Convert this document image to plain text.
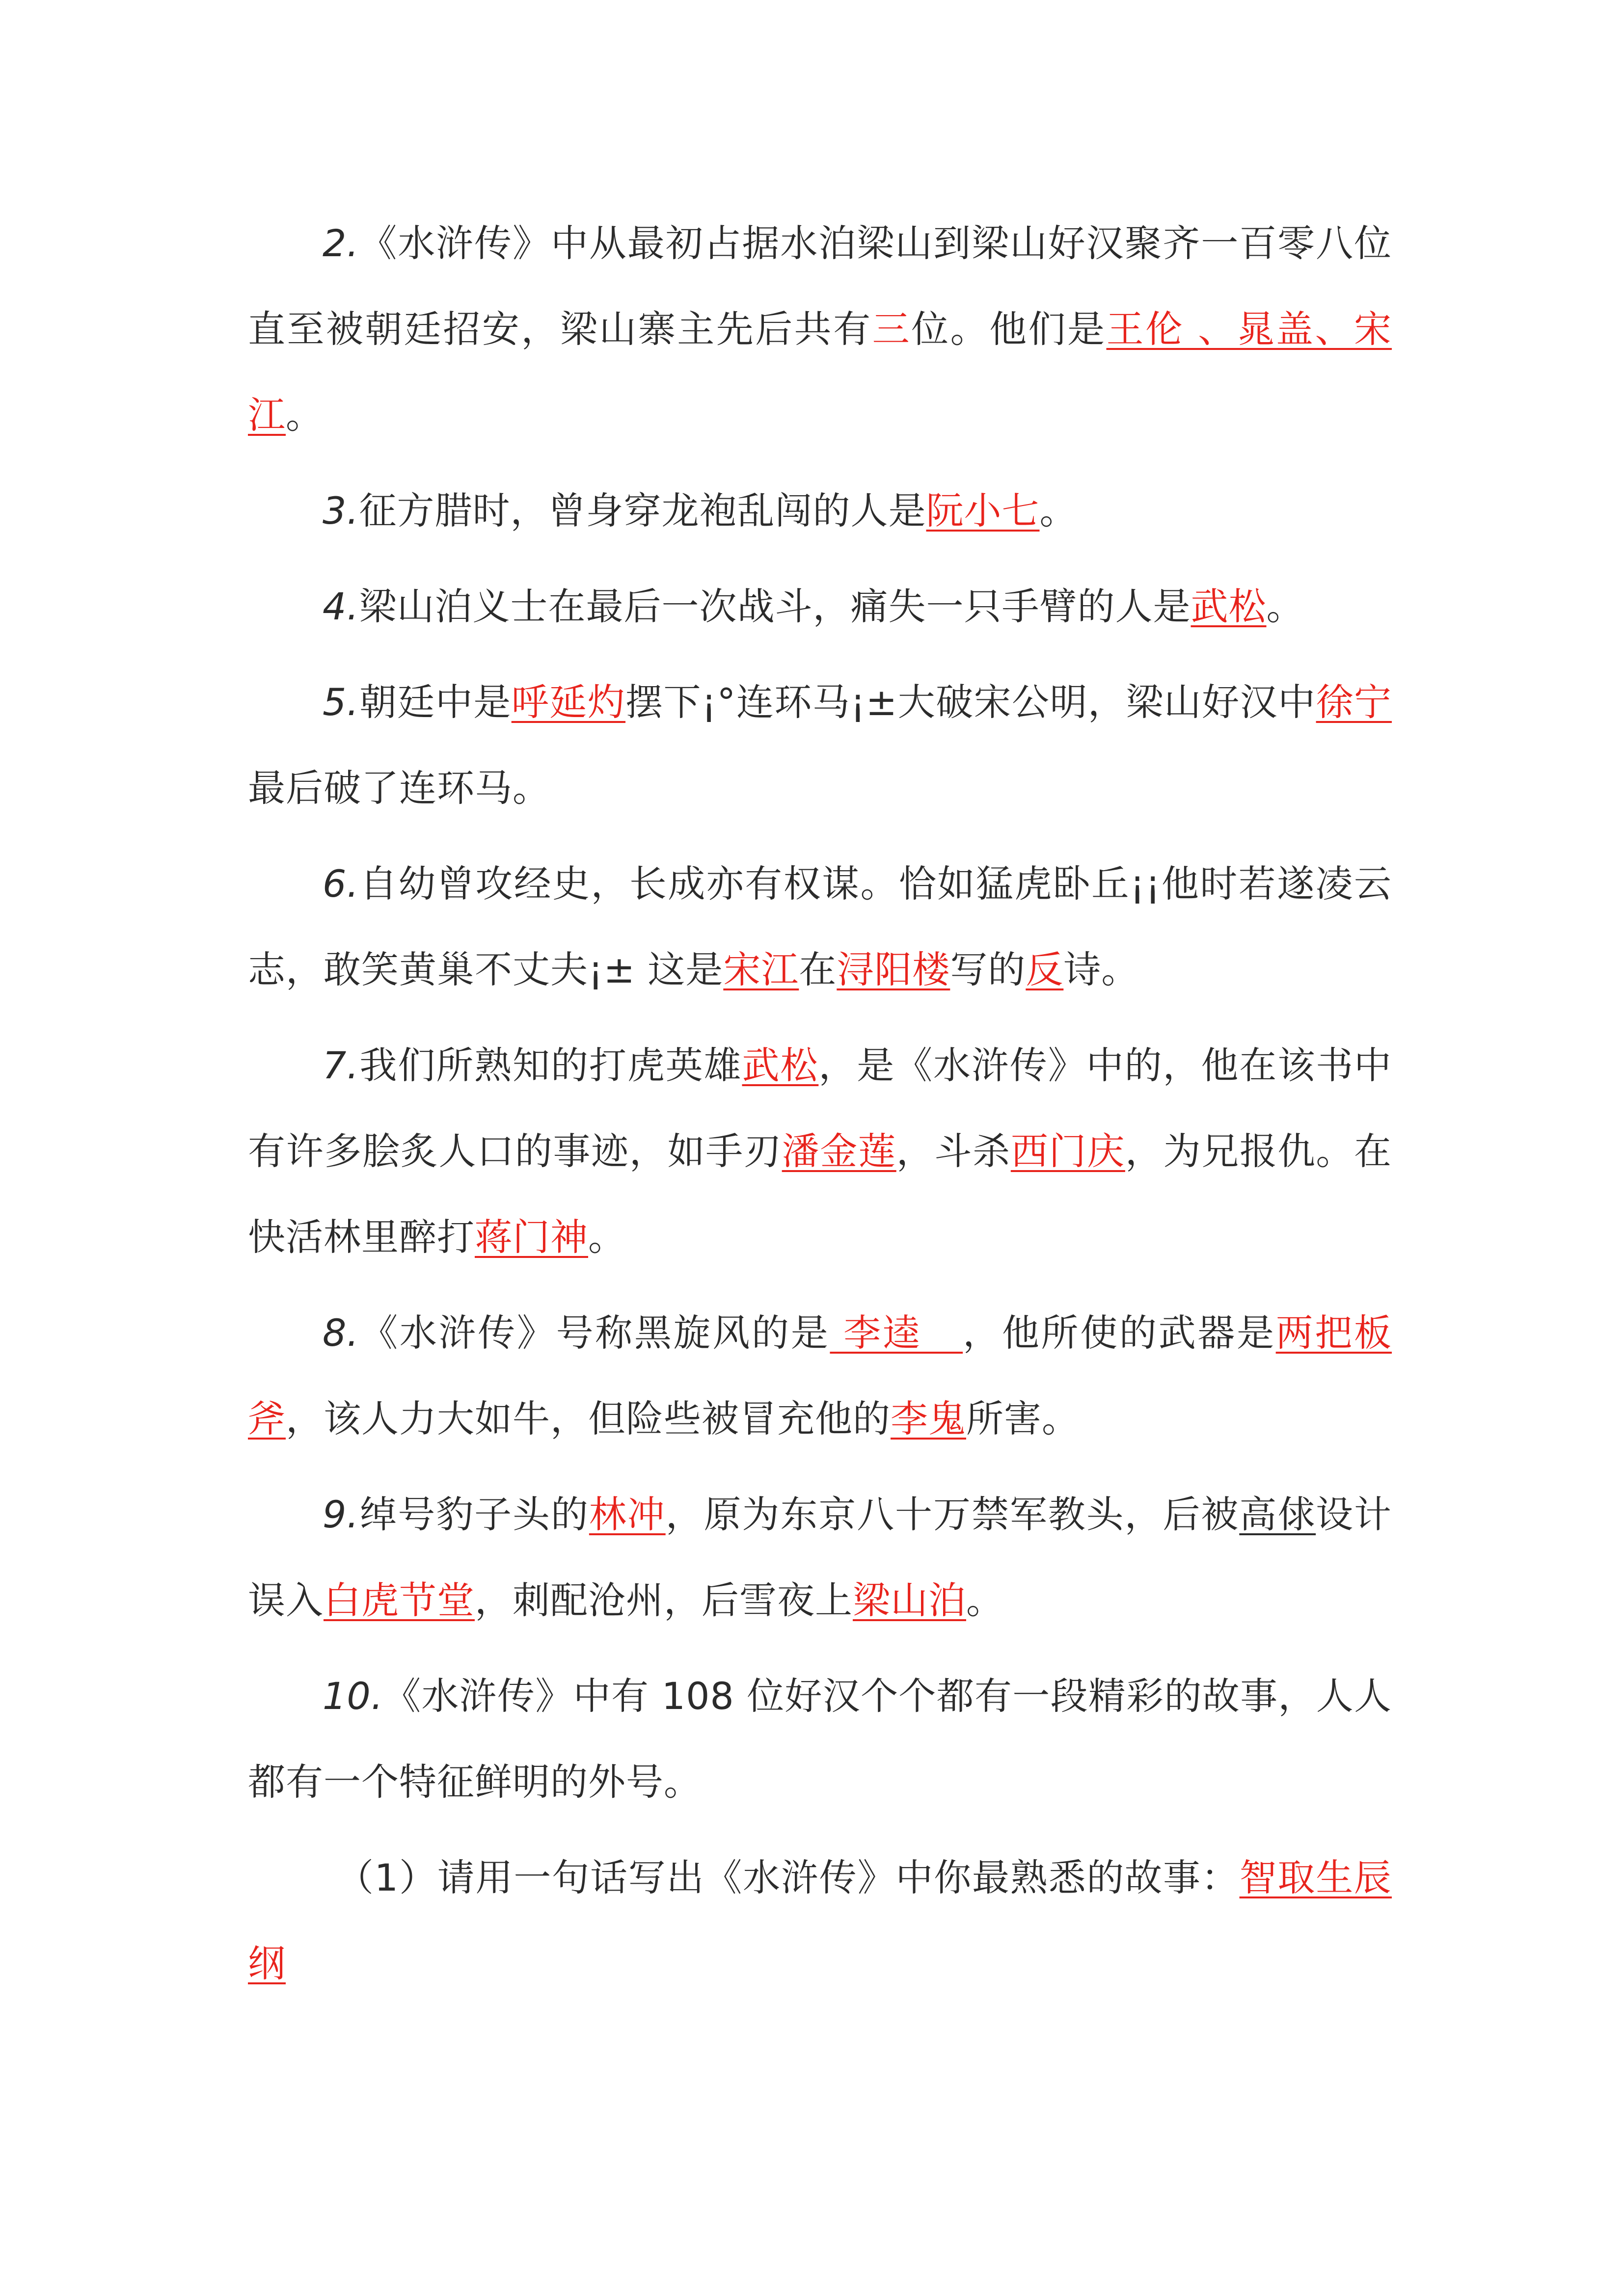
2.《水浒传》中从最初占据水泊梁山到梁山好汉聚齐一百零八位直至被朝廷招安，梁山寨主先后共有三位。他们是王伦 、晁盖、宋江。

3.征方腊时，曾身穿龙袍乱闯的人是阮小七。

4.梁山泊义士在最后一次战斗，痛失一只手臂的人是武松。

5.朝廷中是呼延灼摆下¡°连环马¡±大破宋公明，梁山好汉中徐宁最后破了连环马。

6.自幼曾攻经史，长成亦有权谋。恰如猛虎卧丘¡¡他时若遂凌云志，敢笑黄巢不丈夫¡± 这是宋江在浔阳楼写的反诗。

7.我们所熟知的打虎英雄武松，是《水浒传》中的，他在该书中有许多脍炙人口的事迹，如手刃潘金莲，斗杀西门庆，为兄报仇。在快活林里醉打蒋门神。

8.《水浒传》号称黑旋风的是 李逵   ，他所使的武器是两把板斧，该人力大如牛，但险些被冒充他的李鬼所害。

9.绰号豹子头的林冲，原为东京八十万禁军教头，后被高俅设计误入白虎节堂，刺配沧州，后雪夜上梁山泊。

10.《水浒传》中有 108 位好汉个个都有一段精彩的故事，人人都有一个特征鲜明的外号。

（1）请用一句话写出《水浒传》中你最熟悉的故事：智取生辰纲
